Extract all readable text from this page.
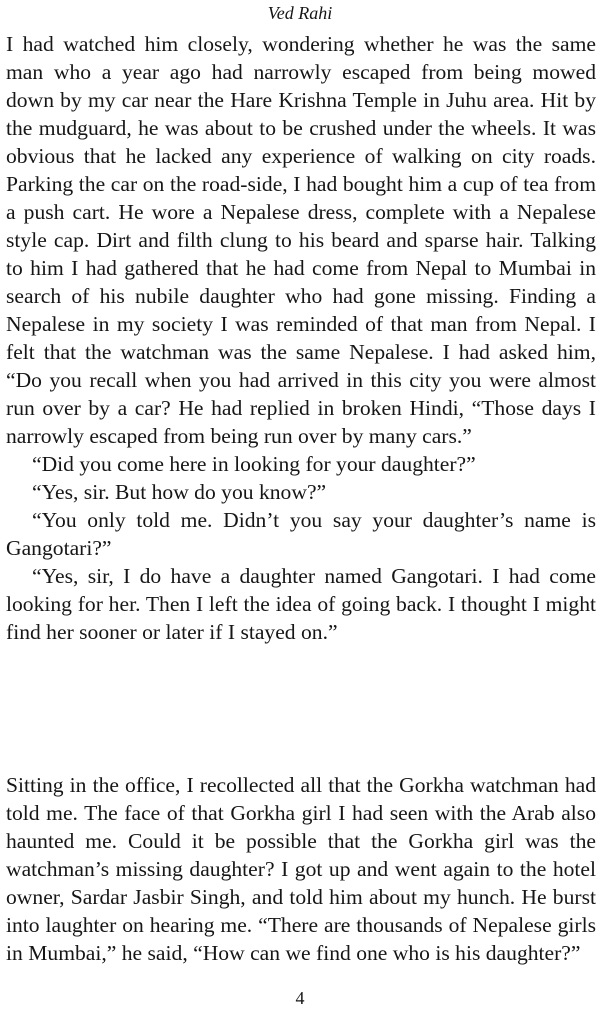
Ved Rahi

I had watched him closely, wondering whether he was the same man who a year ago had narrowly escaped from being mowed down by my car near the Hare Krishna Temple in Juhu area. Hit by the mudguard, he was about to be crushed under the wheels. It was obvious that he lacked any experience of walking on city roads. Parking the car on the road-side, I had bought him a cup of tea from a push cart. He wore a Nepalese dress, complete with a Nepalese style cap. Dirt and filth clung to his beard and sparse hair. Talking to him I had gathered that he had come from Nepal to Mumbai in search of his nubile daughter who had gone missing. Finding a Nepalese in my society I was reminded of that man from Nepal. I felt that the watchman was the same Nepalese. I had asked him, “Do you recall when you had arrived in this city you were almost run over by a car? He had replied in broken Hindi, “Those days I narrowly escaped from being run over by many cars.”

“Did you come here in looking for your daughter?”

“Yes, sir. But how do you know?”

“You only told me. Didn’t you say your daughter’s name is Gangotari?”

“Yes, sir, I do have a daughter named Gangotari. I had come looking for her. Then I left the idea of going back. I thought I might find her sooner or later if I stayed on.”

Sitting in the office, I recollected all that the Gorkha watchman had told me. The face of that Gorkha girl I had seen with the Arab also haunted me. Could it be possible that the Gorkha girl was the watchman’s missing daughter? I got up and went again to the hotel owner, Sardar Jasbir Singh, and told him about my hunch. He burst into laughter on hearing me. “There are thousands of Nepalese girls in Mumbai,” he said, “How can we find one who is his daughter?”

4
